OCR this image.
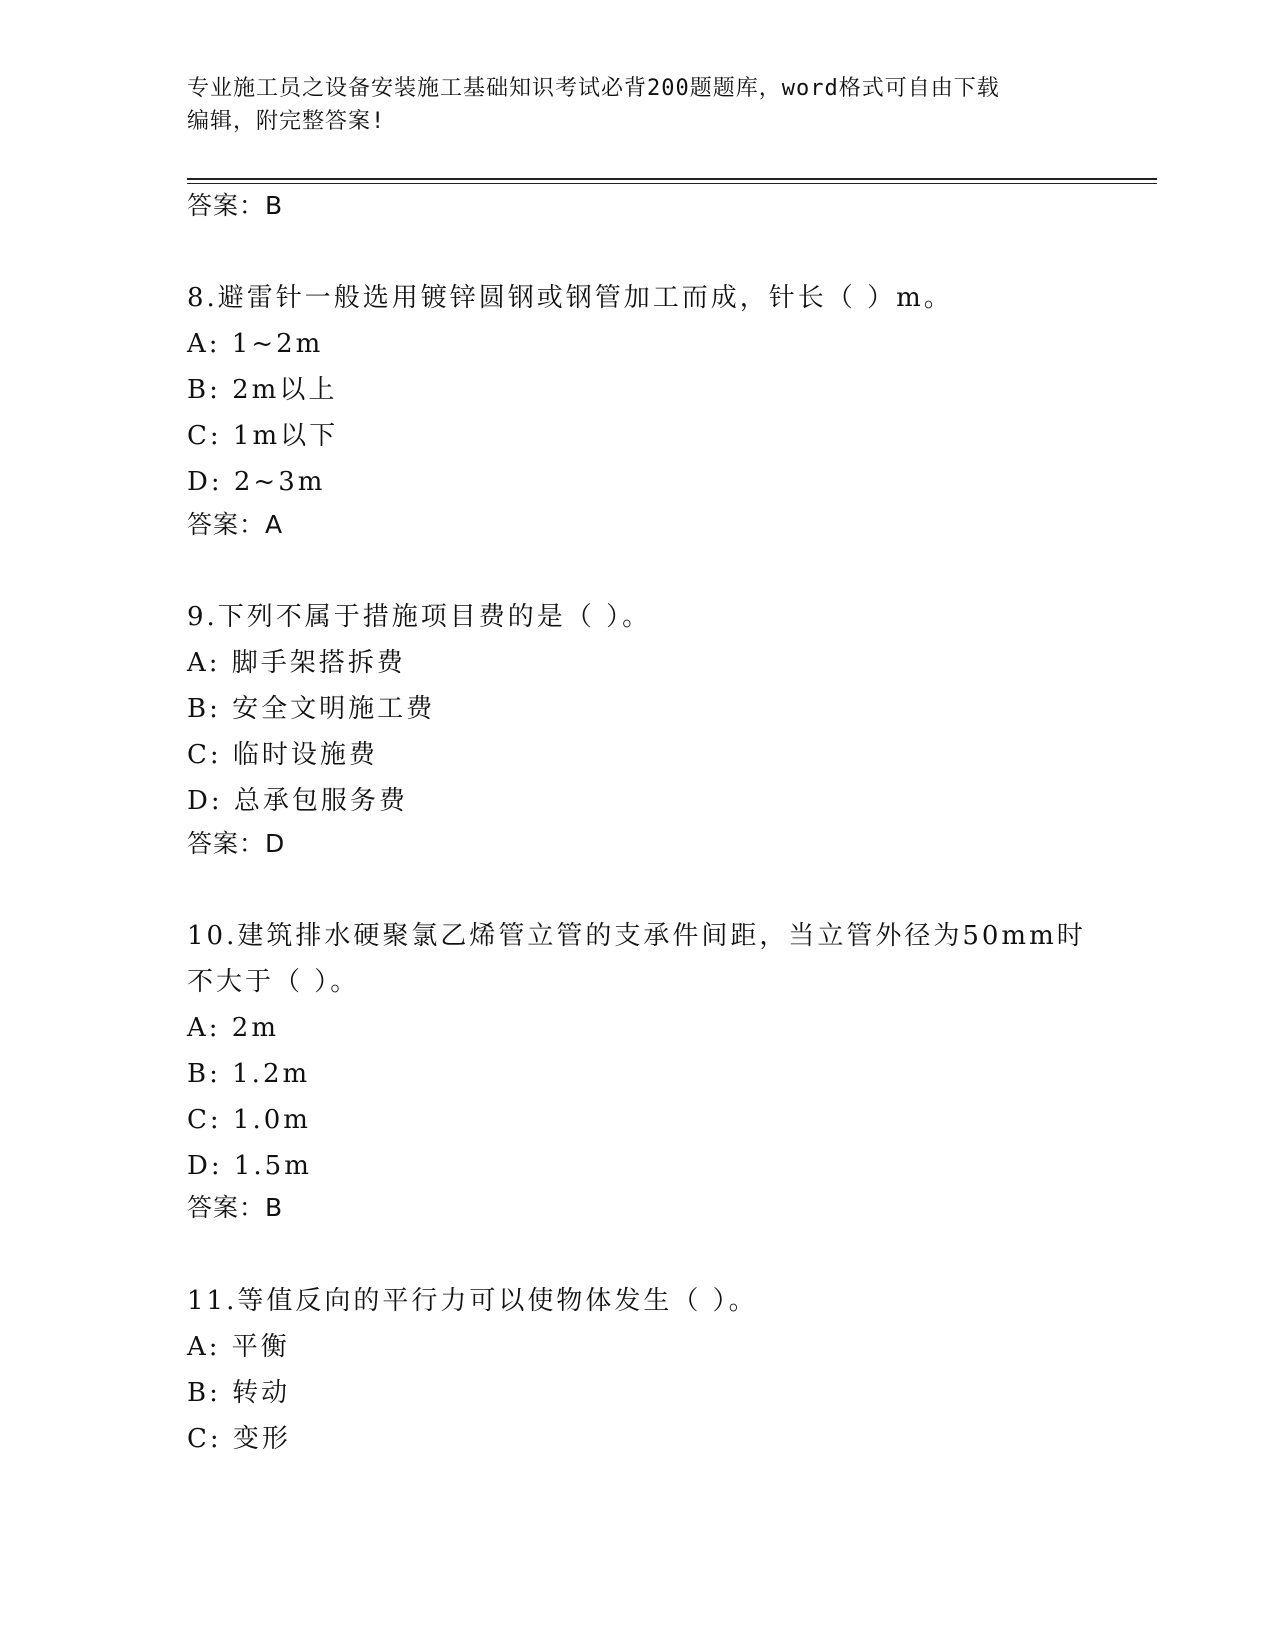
专业施工员之设备安装施工基础知识考试必背200题题库，word格式可自由下载
编辑，附完整答案!
答案：B

8.避雷针一般选用镀锌圆钢或钢管加工而成，针长（ ）m。

A: 1~2m

B: 2m以上

C: 1m以下

D: 2~3m

答案：A

9.下列不属于措施项目费的是（ ）。

A: 脚手架搭拆费

B: 安全文明施工费

C: 临时设施费

D: 总承包服务费

答案：D

10.建筑排水硬聚氯乙烯管立管的支承件间距，当立管外径为50mm时

不大于（ ）。

A: 2m

B: 1.2m

C: 1.0m

D: 1.5m

答案：B

11.等值反向的平行力可以使物体发生（ ）。

A: 平衡

B: 转动

C: 变形
